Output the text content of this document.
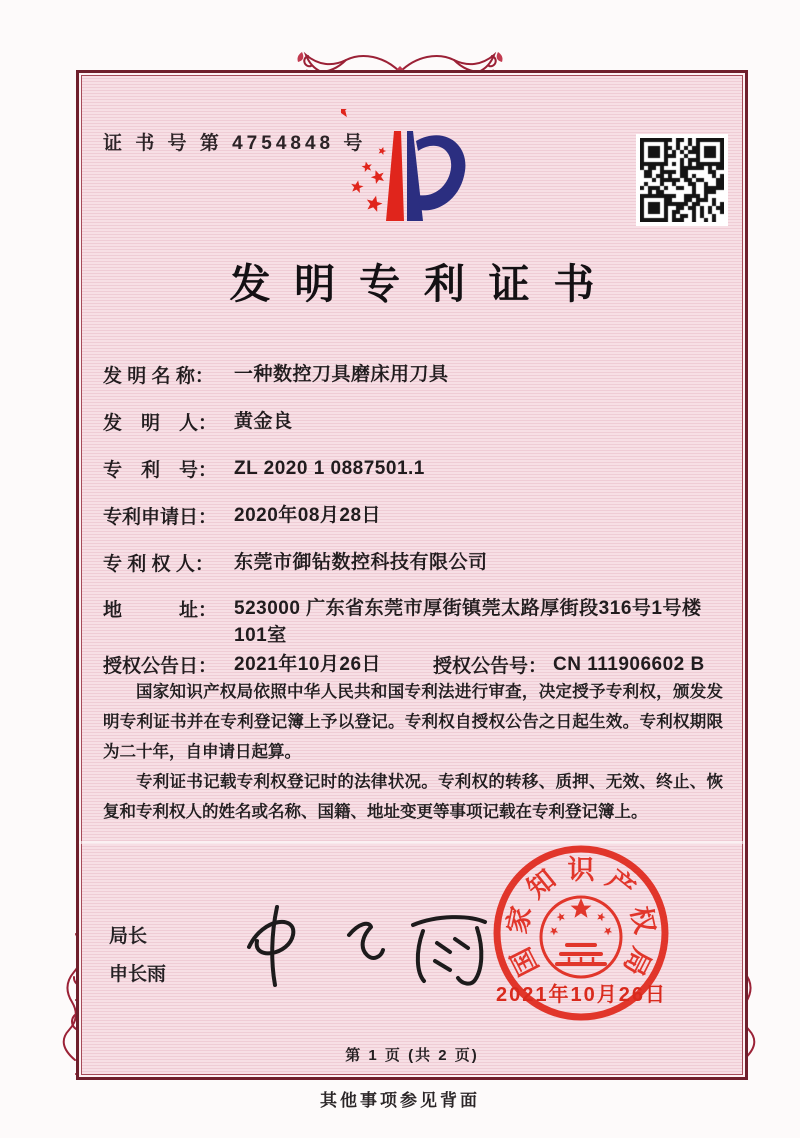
证 书 号 第 4754848 号
发明专利证书
发 明 名 称：	一种数控刀具磨床用刀具
发　明　人： 黄金良
专　利　号： ZL 2020 1 0887501.1
专利申请日： 2020年08月28日
专 利 权 人：	东莞市御钻数控科技有限公司
地　　　址： 523000 广东省东莞市厚街镇莞太路厚街段316号1号楼101室
授权公告日： 2021年10月26日	授权公告号： CN 111906602 B

国家知识产权局依照中华人民共和国专利法进行审查，决定授予专利权，颁发发明专利证书并在专利登记簿上予以登记。专利权自授权公告之日起生效。专利权期限为二十年，自申请日起算。

专利证书记载专利权登记时的法律状况。专利权的转移、质押、无效、终止、恢复和专利权人的姓名或名称、国籍、地址变更等事项记载在专利登记簿上。

局长
申长雨	国
家
知 识 产
权
局
2021年10月26日
第 1 页 (共 2 页)
其他事项参见背面
